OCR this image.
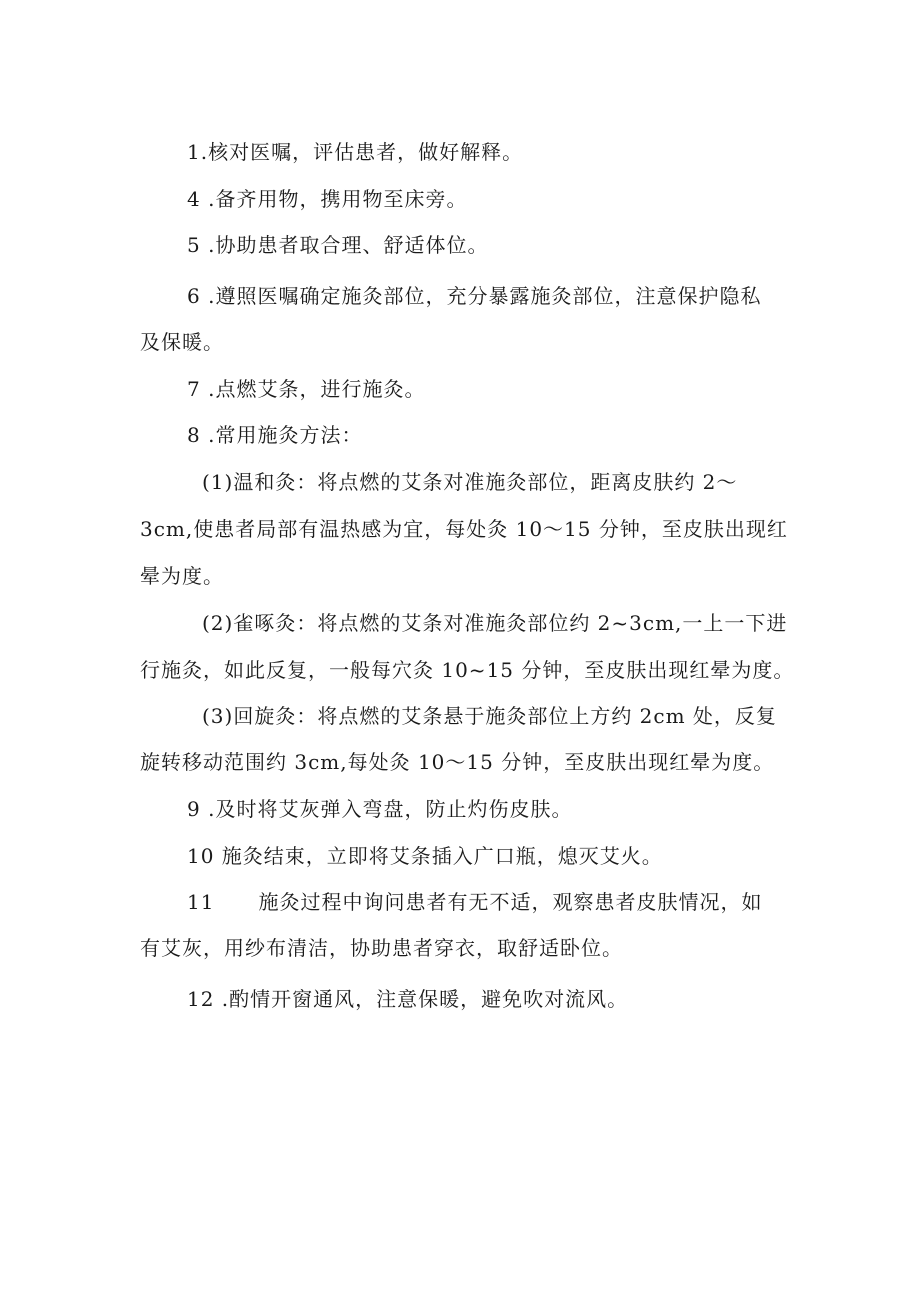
1.核对医嘱，评估患者，做好解释。
4 .备齐用物，携用物至床旁。
5 .协助患者取合理、舒适体位。
6 .遵照医嘱确定施灸部位，充分暴露施灸部位，注意保护隐私
及保暖。
7 .点燃艾条，进行施灸。
8 .常用施灸方法：
(1)温和灸：将点燃的艾条对准施灸部位，距离皮肤约 2～
3cm,使患者局部有温热感为宜，每处灸 10～15 分钟，至皮肤出现红
晕为度。
(2)雀啄灸：将点燃的艾条对准施灸部位约 2~3cm,一上一下进
行施灸，如此反复，一般每穴灸 10~15 分钟，至皮肤出现红晕为度。
(3)回旋灸：将点燃的艾条悬于施灸部位上方约 2cm 处，反复
旋转移动范围约 3cm,每处灸 10～15 分钟，至皮肤出现红晕为度。
9 .及时将艾灰弹入弯盘，防止灼伤皮肤。
10 施灸结束，立即将艾条插入广口瓶，熄灭艾火。
11 施灸过程中询问患者有无不适，观察患者皮肤情况，如
有艾灰，用纱布清洁，协助患者穿衣，取舒适卧位。
12 .酌情开窗通风，注意保暖，避免吹对流风。
